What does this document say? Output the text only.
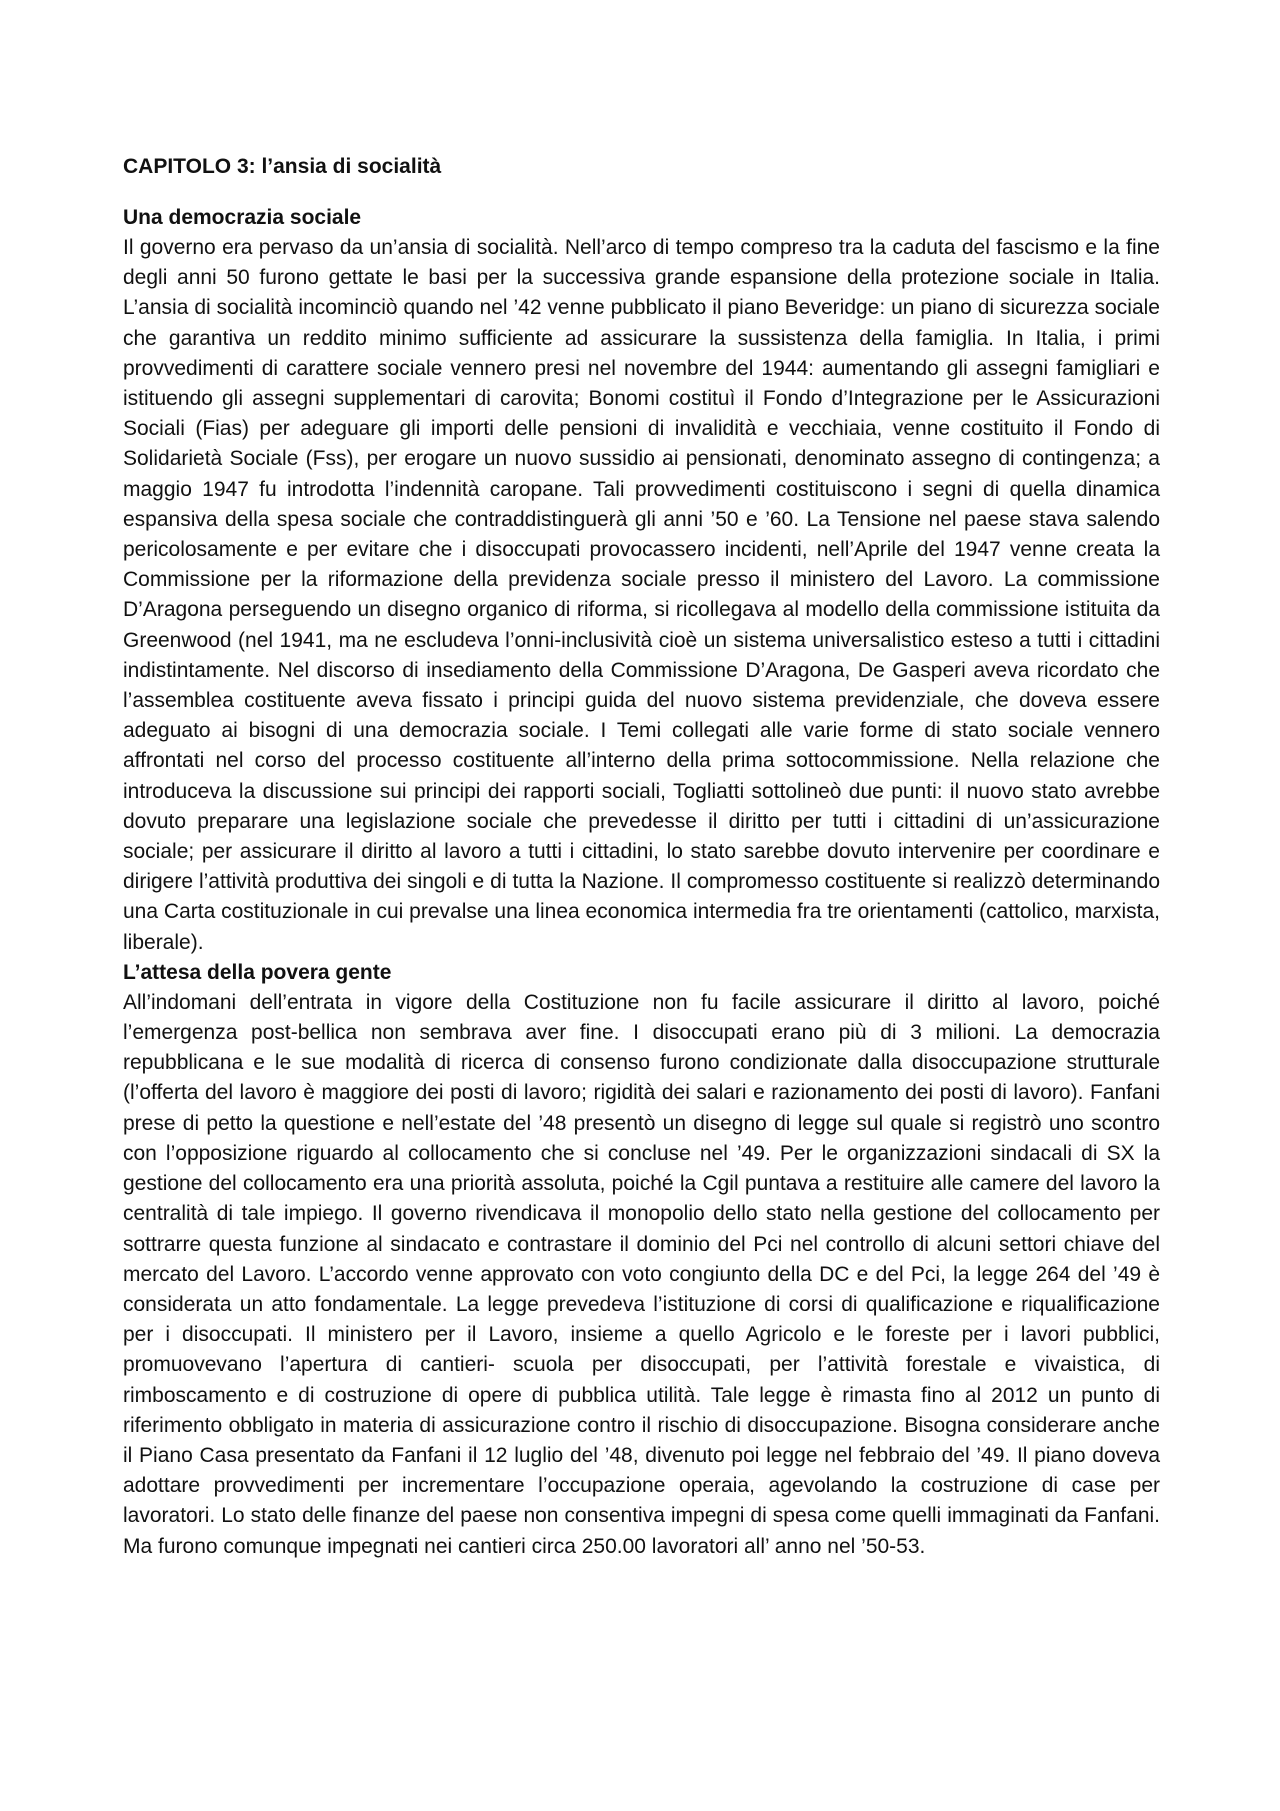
CAPITOLO 3: l’ansia di socialità
Una democrazia sociale

Il governo era pervaso da un’ansia di socialità. Nell’arco di tempo compreso tra la caduta del fascismo e la fine degli anni 50 furono gettate le basi per la successiva grande espansione della protezione sociale in Italia. L’ansia di socialità incominciò quando nel ’42 venne pubblicato il piano Beveridge: un piano di sicurezza sociale che garantiva un reddito minimo sufficiente ad assicurare la sussistenza della famiglia. In Italia, i primi provvedimenti di carattere sociale vennero presi nel novembre del 1944: aumentando gli assegni famigliari e istituendo gli assegni supplementari di carovita; Bonomi costituì il Fondo d’Integrazione per le Assicurazioni Sociali (Fias) per adeguare gli importi delle pensioni di invalidità e vecchiaia, venne costituito il Fondo di Solidarietà Sociale (Fss), per erogare un nuovo sussidio ai pensionati, denominato assegno di contingenza; a maggio 1947 fu introdotta l’indennità caropane. Tali provvedimenti costituiscono i segni di quella dinamica espansiva della spesa sociale che contraddistinguerà gli anni ’50 e ’60. La Tensione nel paese stava salendo pericolosamente e per evitare che i disoccupati provocassero incidenti, nell’Aprile del 1947 venne creata la Commissione per la riformazione della previdenza sociale presso il ministero del Lavoro. La commissione D’Aragona perseguendo un disegno organico di riforma, si ricollegava al modello della commissione istituita da Greenwood (nel 1941, ma ne escludeva l’onni-inclusività cioè un sistema universalistico esteso a tutti i cittadini indistintamente. Nel discorso di insediamento della Commissione D’Aragona, De Gasperi aveva ricordato che l’assemblea costituente aveva fissato i principi guida del nuovo sistema previdenziale, che doveva essere adeguato ai bisogni di una democrazia sociale. I Temi collegati alle varie forme di stato sociale vennero affrontati nel corso del processo costituente all’interno della prima sottocommissione. Nella relazione che introduceva la discussione sui principi dei rapporti sociali, Togliatti sottolineò due punti: il nuovo stato avrebbe dovuto preparare una legislazione sociale che prevedesse il diritto per tutti i cittadini di un’assicurazione sociale; per assicurare il diritto al lavoro a tutti i cittadini, lo stato sarebbe dovuto intervenire per coordinare e dirigere l’attività produttiva dei singoli e di tutta la Nazione. Il compromesso costituente si realizzò determinando una Carta costituzionale in cui prevalse una linea economica intermedia fra tre orientamenti (cattolico, marxista, liberale).

L’attesa della povera gente

All’indomani dell’entrata in vigore della Costituzione non fu facile assicurare il diritto al lavoro, poiché l’emergenza post-bellica non sembrava aver fine. I disoccupati erano più di 3 milioni. La democrazia repubblicana e le sue modalità di ricerca di consenso furono condizionate dalla disoccupazione strutturale (l’offerta del lavoro è maggiore dei posti di lavoro; rigidità dei salari e razionamento dei posti di lavoro). Fanfani prese di petto la questione e nell’estate del ’48 presentò un disegno di legge sul quale si registrò uno scontro con l’opposizione riguardo al collocamento che si concluse nel ’49. Per le organizzazioni sindacali di SX la gestione del collocamento era una priorità assoluta, poiché la Cgil puntava a restituire alle camere del lavoro la centralità di tale impiego. Il governo rivendicava il monopolio dello stato nella gestione del collocamento per sottrarre questa funzione al sindacato e contrastare il dominio del Pci nel controllo di alcuni settori chiave del mercato del Lavoro. L’accordo venne approvato con voto congiunto della DC e del Pci, la legge 264 del ’49 è considerata un atto fondamentale. La legge prevedeva l’istituzione di corsi di qualificazione e riqualificazione per i disoccupati. Il ministero per il Lavoro, insieme a quello Agricolo e le foreste per i lavori pubblici, promuovevano l’apertura di cantieri- scuola per disoccupati, per l’attività forestale e vivaistica, di rimboscamento e di costruzione di opere di pubblica utilità. Tale legge è rimasta fino al 2012 un punto di riferimento obbligato in materia di assicurazione contro il rischio di disoccupazione. Bisogna considerare anche il Piano Casa presentato da Fanfani il 12 luglio del ’48, divenuto poi legge nel febbraio del ’49. Il piano doveva adottare provvedimenti per incrementare l’occupazione operaia, agevolando la costruzione di case per lavoratori. Lo stato delle finanze del paese non consentiva impegni di spesa come quelli immaginati da Fanfani. Ma furono comunque impegnati nei cantieri circa 250.00 lavoratori all’ anno nel ’50-53.
